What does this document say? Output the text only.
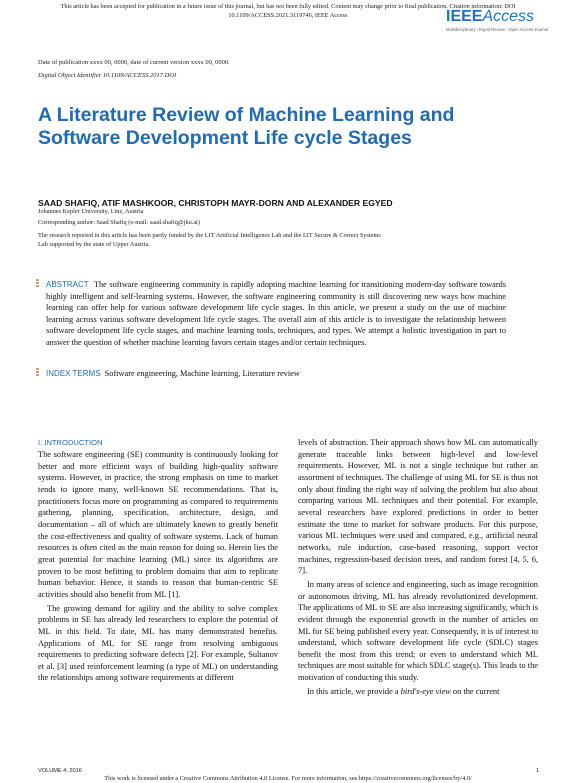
This article has been accepted for publication in a future issue of this journal, but has not been fully edited. Content may change prior to final publication. Citation information: DOI
10.1109/ACCESS.2021.3119746, IEEE Access	IEEEAccess
Multidisciplinary : Rapid Review : Open Access Journal
Date of publication xxxx 00, 0000, date of current version xxxx 00, 0000.
Digital Object Identifier 10.1109/ACCESS.2017.DOI
A Literature Review of Machine Learning and Software Development Life cycle Stages
SAAD SHAFIQ, ATIF MASHKOOR, CHRISTOPH MAYR-DORN AND ALEXANDER EGYED
Johannes Kepler University, Linz, Austria
Corresponding author: Saad Shafiq (e-mail: saad.shafiq@jku.at)
The research reported in this article has been partly funded by the LIT Artificial Intelligence Lab and the LIT Secure & Correct Systems
Lab supported by the state of Upper Austria.
ABSTRACT The software engineering community is rapidly adopting machine learning for transitioning modern-day software towards highly intelligent and self-learning systems. However, the software engineering community is still discovering new ways how machine learning can offer help for various software development life cycle stages. In this article, we present a study on the use of machine learning across various software development life cycle stages. The overall aim of this article is to investigate the relationship between software development life cycle stages, and machine learning tools, techniques, and types. We attempt a holistic investigation in part to answer the question of whether machine learning favors certain stages and/or certain techniques.
INDEX TERMS Software engineering, Machine learning, Literature review
I. INTRODUCTION

The software engineering (SE) community is continuously looking for better and more efficient ways of building high-quality software systems. However, in practice, the strong emphasis on time to market tends to ignore many, well-known SE recommendations. That is, practitioners focus more on programming as compared to requirements gathering, planning, specification, architecture, design, and documentation – all of which are ultimately known to greatly benefit the cost-effectiveness and quality of software systems. Lack of human resources is often cited as the main reason for doing so. Herein lies the great potential for machine learning (ML) since its algorithms are proven to be most befitting to problem domains that aim to replicate human behavior. Hence, it stands to reason that human-centric SE activities should also benefit from ML [1].

The growing demand for agility and the ability to solve complex problems in SE has already led researchers to explore the potential of ML in this field. To date, ML has many demonstrated benefits. Applications of ML for SE range from resolving ambiguous requirements to predicting software defects [2]. For example, Sultanov et al. [3] used reinforcement learning (a type of ML) on understanding the relationships among software requirements at different

levels of abstraction. Their approach shows how ML can automatically generate traceable links between high-level and low-level requirements. However, ML is not a single technique but rather an assortment of techniques. The challenge of using ML for SE is thus not only about finding the right way of solving the problem but also about comparing various ML techniques and their potential. For example, several researchers have explored predictions in order to better estimate the time to market for software products. For this purpose, various ML techniques were used and compared, e.g., artificial neural networks, rule induction, case-based reasoning, support vector machines, regression-based decision trees, and random forest [4, 5, 6, 7].

In many areas of science and engineering, such as image recognition or autonomous driving, ML has already revolutionized development. The applications of ML to SE are also increasing significantly, which is evident through the exponential growth in the number of articles on ML for SE being published every year. Consequently, it is of interest to understand, which software development life cycle (SDLC) stages benefit the most from this trend; or even to understand which ML techniques are most suitable for which SDLC stage(s). This leads to the motivation of conducting this study.

In this article, we provide a bird's-eye view on the current

VOLUME 4, 2016	1
This work is licensed under a Creative Commons Attribution 4.0 License. For more information, see https://creativecommons.org/licenses/by/4.0/
